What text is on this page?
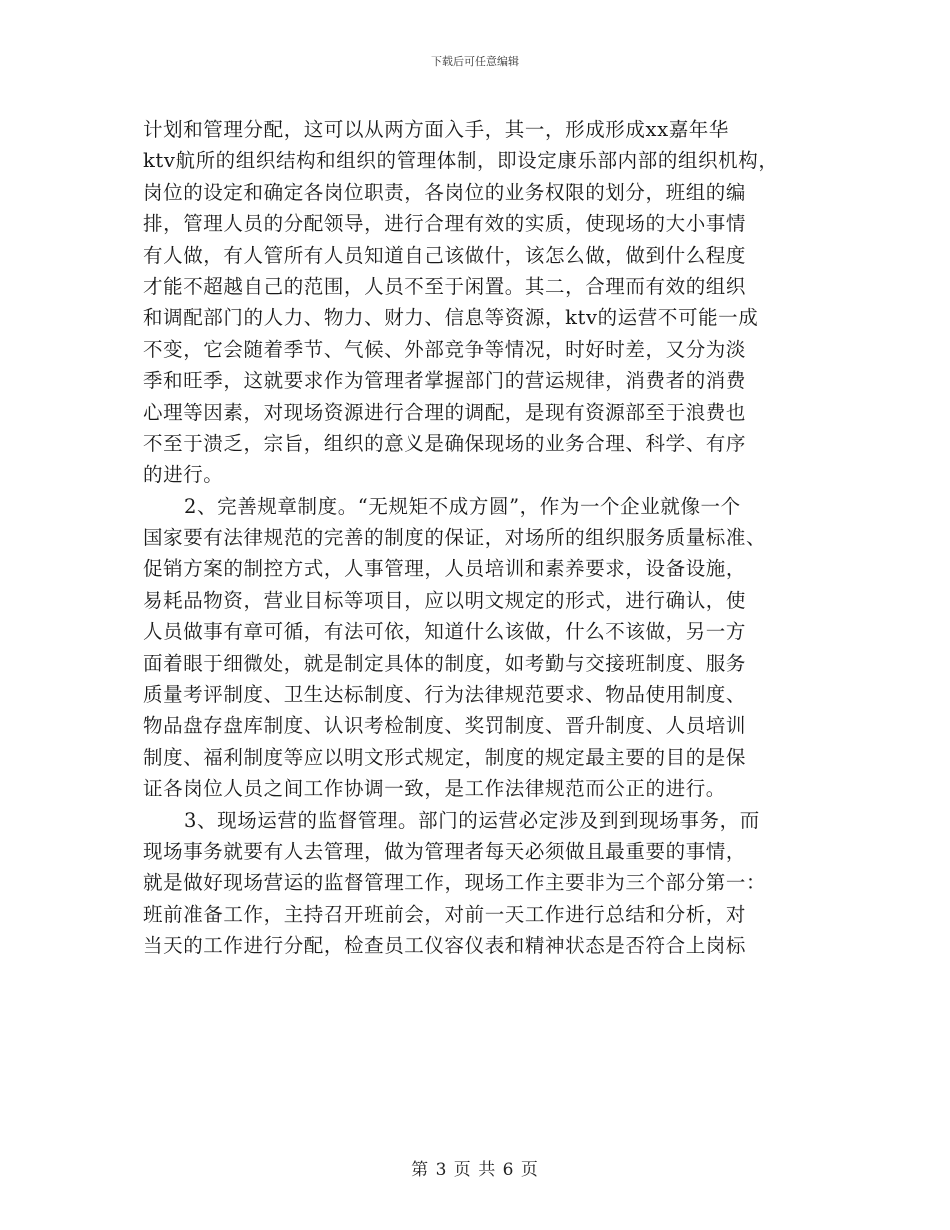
下载后可任意编辑
计划和管理分配，这可以从两方面入手，其一，形成形成xx嘉年华
ktv航所的组织结构和组织的管理体制，即设定康乐部内部的组织机构，
岗位的设定和确定各岗位职责，各岗位的业务权限的划分，班组的编
排，管理人员的分配领导，进行合理有效的实质，使现场的大小事情
有人做，有人管所有人员知道自己该做什，该怎么做，做到什么程度
才能不超越自己的范围，人员不至于闲置。其二，合理而有效的组织
和调配部门的人力、物力、财力、信息等资源，ktv的运营不可能一成
不变，它会随着季节、气候、外部竞争等情况，时好时差，又分为淡
季和旺季，这就要求作为管理者掌握部门的营运规律，消费者的消费
心理等因素，对现场资源进行合理的调配，是现有资源部至于浪费也
不至于溃乏，宗旨，组织的意义是确保现场的业务合理、科学、有序
的进行。
2、完善规章制度。“无规矩不成方圆”，作为一个企业就像一个
国家要有法律规范的完善的制度的保证，对场所的组织服务质量标准、
促销方案的制控方式，人事管理，人员培训和素养要求，设备设施，
易耗品物资，营业目标等项目，应以明文规定的形式，进行确认，使
人员做事有章可循，有法可依，知道什么该做，什么不该做，另一方
面着眼于细微处，就是制定具体的制度，如考勤与交接班制度、服务
质量考评制度、卫生达标制度、行为法律规范要求、物品使用制度、
物品盘存盘库制度、认识考检制度、奖罚制度、晋升制度、人员培训
制度、福利制度等应以明文形式规定，制度的规定最主要的目的是保
证各岗位人员之间工作协调一致，是工作法律规范而公正的进行。
3、现场运营的监督管理。部门的运营必定涉及到到现场事务，而
现场事务就要有人去管理，做为管理者每天必须做且最重要的事情，
就是做好现场营运的监督管理工作，现场工作主要非为三个部分第一：
班前准备工作，主持召开班前会，对前一天工作进行总结和分析，对
当天的工作进行分配，检查员工仪容仪表和精神状态是否符合上岗标
第 3 页 共 6 页
